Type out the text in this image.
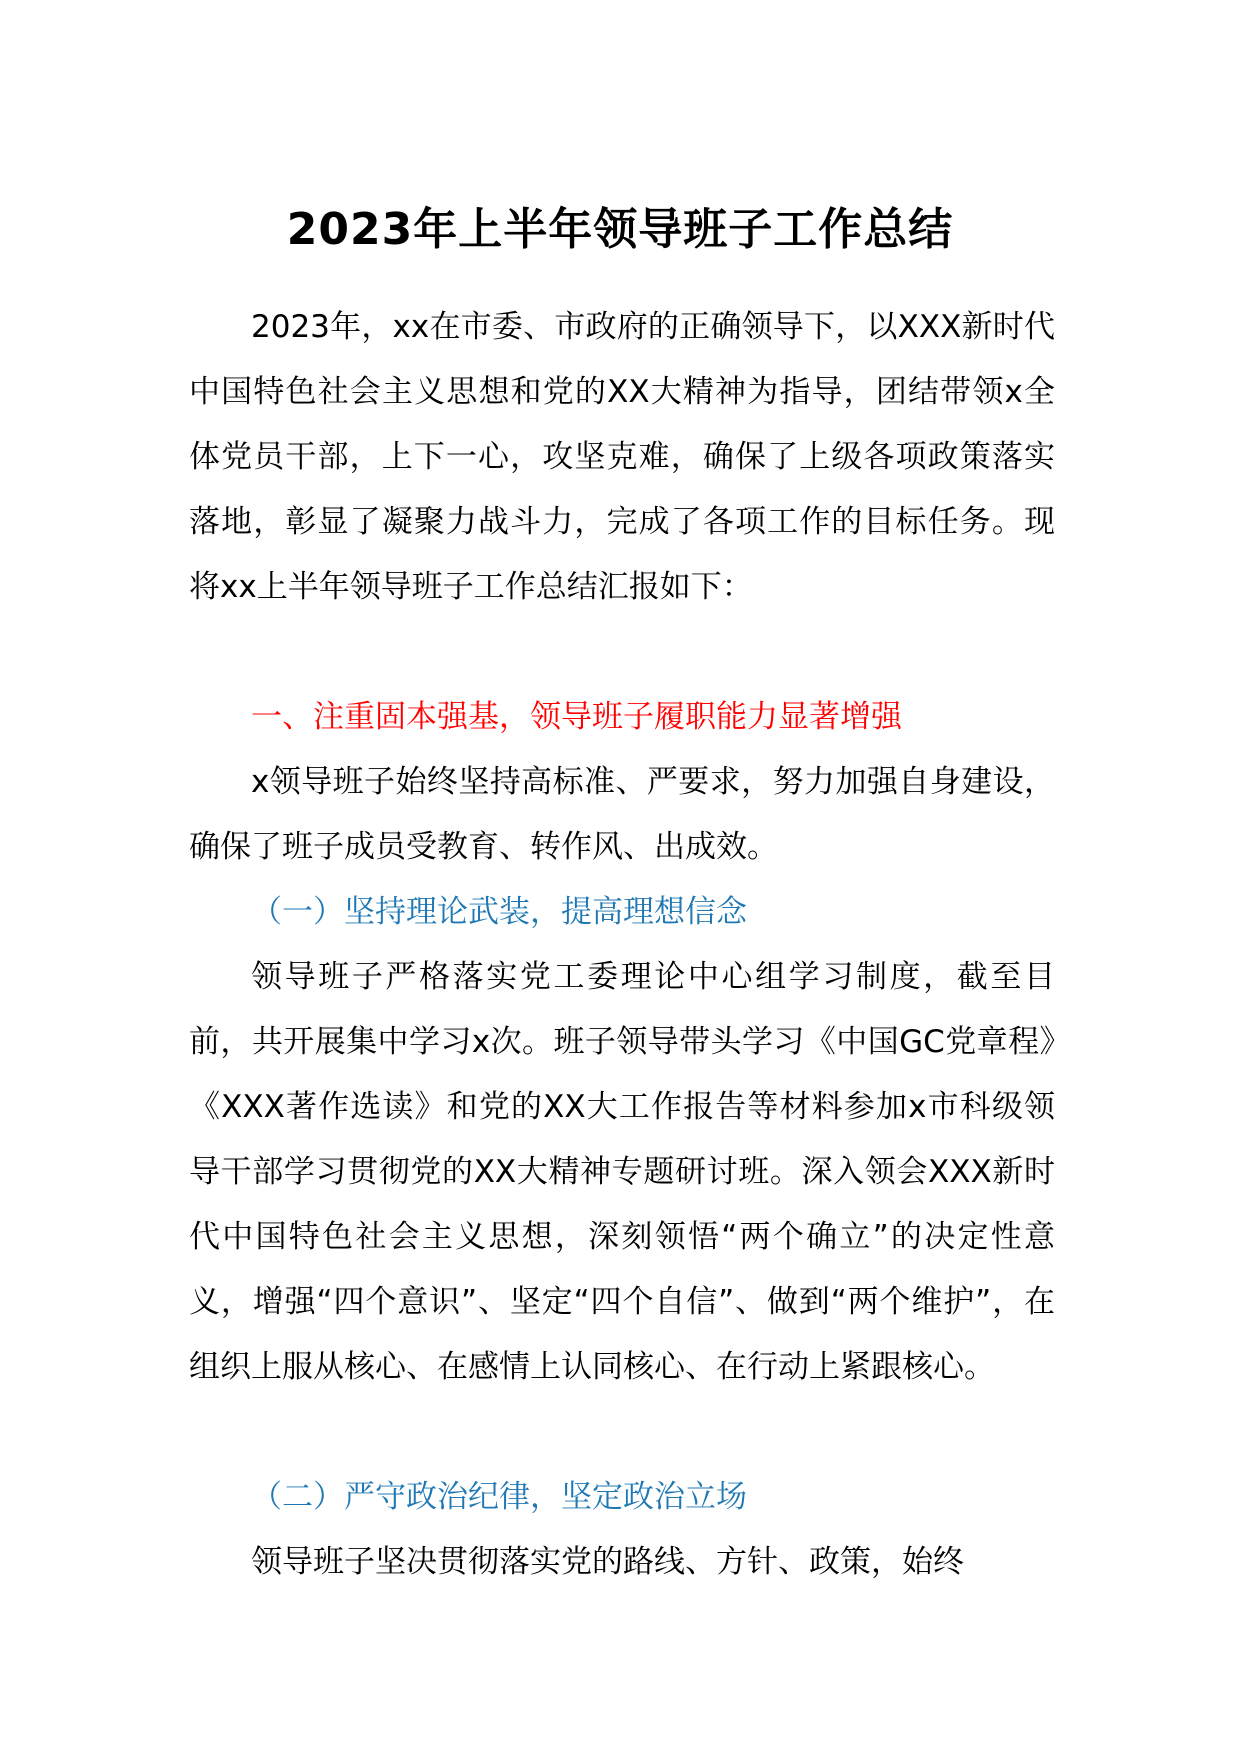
2023年上半年领导班子工作总结

2023年，xx在市委、市政府的正确领导下，以XXX新时代中国特色社会主义思想和党的XX大精神为指导，团结带领x全体党员干部，上下一心，攻坚克难，确保了上级各项政策落实落地，彰显了凝聚力战斗力，完成了各项工作的目标任务。现将xx上半年领导班子工作总结汇报如下：

一、注重固本强基，领导班子履职能力显著增强

x领导班子始终坚持高标准、严要求，努力加强自身建设，确保了班子成员受教育、转作风、出成效。

（一）坚持理论武装，提高理想信念

领导班子严格落实党工委理论中心组学习制度，截至目前，共开展集中学习x次。班子领导带头学习《中国GC党章程》《XXX著作选读》和党的XX大工作报告等材料参加x市科级领导干部学习贯彻党的XX大精神专题研讨班。深入领会XXX新时代中国特色社会主义思想，深刻领悟“两个确立”的决定性意义，增强“四个意识”、坚定“四个自信”、做到“两个维护”，在组织上服从核心、在感情上认同核心、在行动上紧跟核心。

（二）严守政治纪律，坚定政治立场

领导班子坚决贯彻落实党的路线、方针、政策，始终
